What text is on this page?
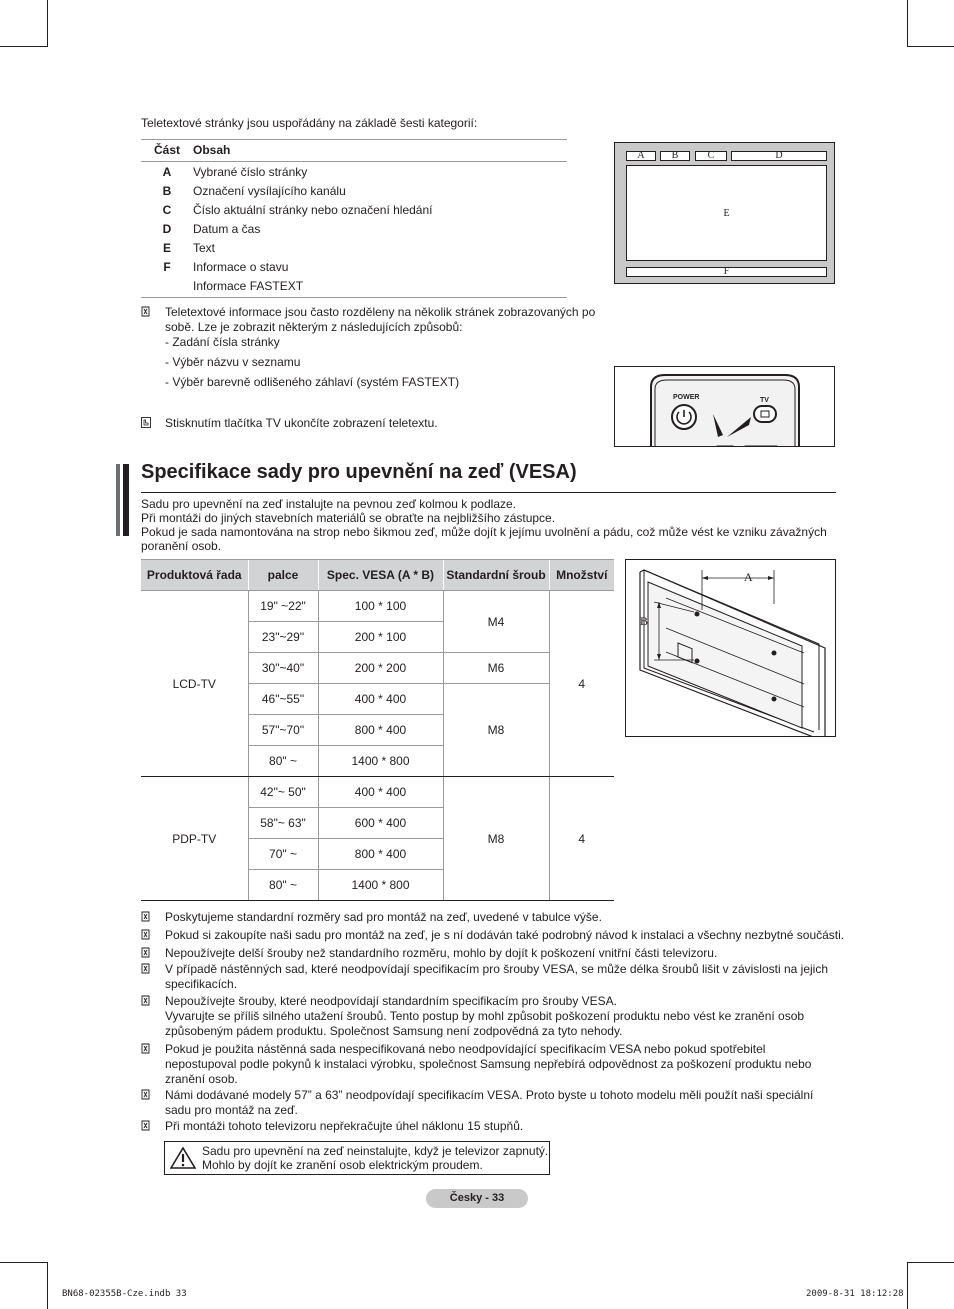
Teletextové stránky jsou uspořádány na základě šesti kategorií:
Část	Obsah

A	Vybrané číslo stránky
B	Označení vysílajícího kanálu
C	Číslo aktuální stránky nebo označení hledání
D	Datum a čas
E	Text
F	Informace o stavu
	Informace FASTEXT
A	B	C	D
E
F
Teletextové informace jsou často rozděleny na několik stránek zobrazovaných po
sobě. Lze je zobrazit některým z následujících způsobů:
- Zadání čísla stránky
- Výběr názvu v seznamu
- Výběr barevně odlišeného záhlaví (systém FASTEXT)
Stisknutím tlačítka TV ukončíte zobrazení teletextu.
POWER	TV
Specifikace sady pro upevnění na zeď (VESA)
Sadu pro upevnění na zeď instalujte na pevnou zeď kolmou k podlaze.
Při montáži do jiných stavebních materiálů se obraťte na nejbližšího zástupce.
Pokud je sada namontována na strop nebo šikmou zeď, může dojít k jejímu uvolnění a pádu, což může vést ke vzniku závažných
poranění osob.
Produktová řada	palce	Spec. VESA (A * B)	Standardní šroub	Množství
LCD-TV	19" ~22"	100 * 100	M4	4
	23"~29"	200 * 100		
	30"~40"	200 * 200	M6	
	46"~55"	400 * 400	M8	
	57"~70"	800 * 400		
	80" ~	1400 * 800		
PDP-TV	42"~ 50"	400 * 400	M8	4
	58"~ 63"	600 * 400		
	70" ~	800 * 400		
	80" ~	1400 * 800		
A
B
Poskytujeme standardní rozměry sad pro montáž na zeď, uvedené v tabulce výše.
Pokud si zakoupíte naši sadu pro montáž na zeď, je s ní dodáván také podrobný návod k instalaci a všechny nezbytné součásti.
Nepoužívejte delší šrouby než standardního rozměru, mohlo by dojít k poškození vnitřní části televizoru.
V případě nástěnných sad, které neodpovídají specifikacím pro šrouby VESA, se může délka šroubů lišit v závislosti na jejich
specifikacích.
Nepoužívejte šrouby, které neodpovídají standardním specifikacím pro šrouby VESA.
Vyvarujte se příliš silného utažení šroubů. Tento postup by mohl způsobit poškození produktu nebo vést ke zranění osob
způsobeným pádem produktu. Společnost Samsung není zodpovědná za tyto nehody.
Pokud je použita nástěnná sada nespecifikovaná nebo neodpovídající specifikacím VESA nebo pokud spotřebitel
nepostupoval podle pokynů k instalaci výrobku, společnost Samsung nepřebírá odpovědnost za poškození produktu nebo
zranění osob.
Námi dodávané modely 57” a 63” neodpovídají specifikacím VESA. Proto byste u tohoto modelu měli použít naši speciální
sadu pro montáž na zeď.
Při montáži tohoto televizoru nepřekračujte úhel náklonu 15 stupňů.
Sadu pro upevnění na zeď neinstalujte, když je televizor zapnutý.
Mohlo by dojít ke zranění osob elektrickým proudem.
Česky - 33
BN68-02355B-Cze.indb 33	2009-8-31 18:12:28
